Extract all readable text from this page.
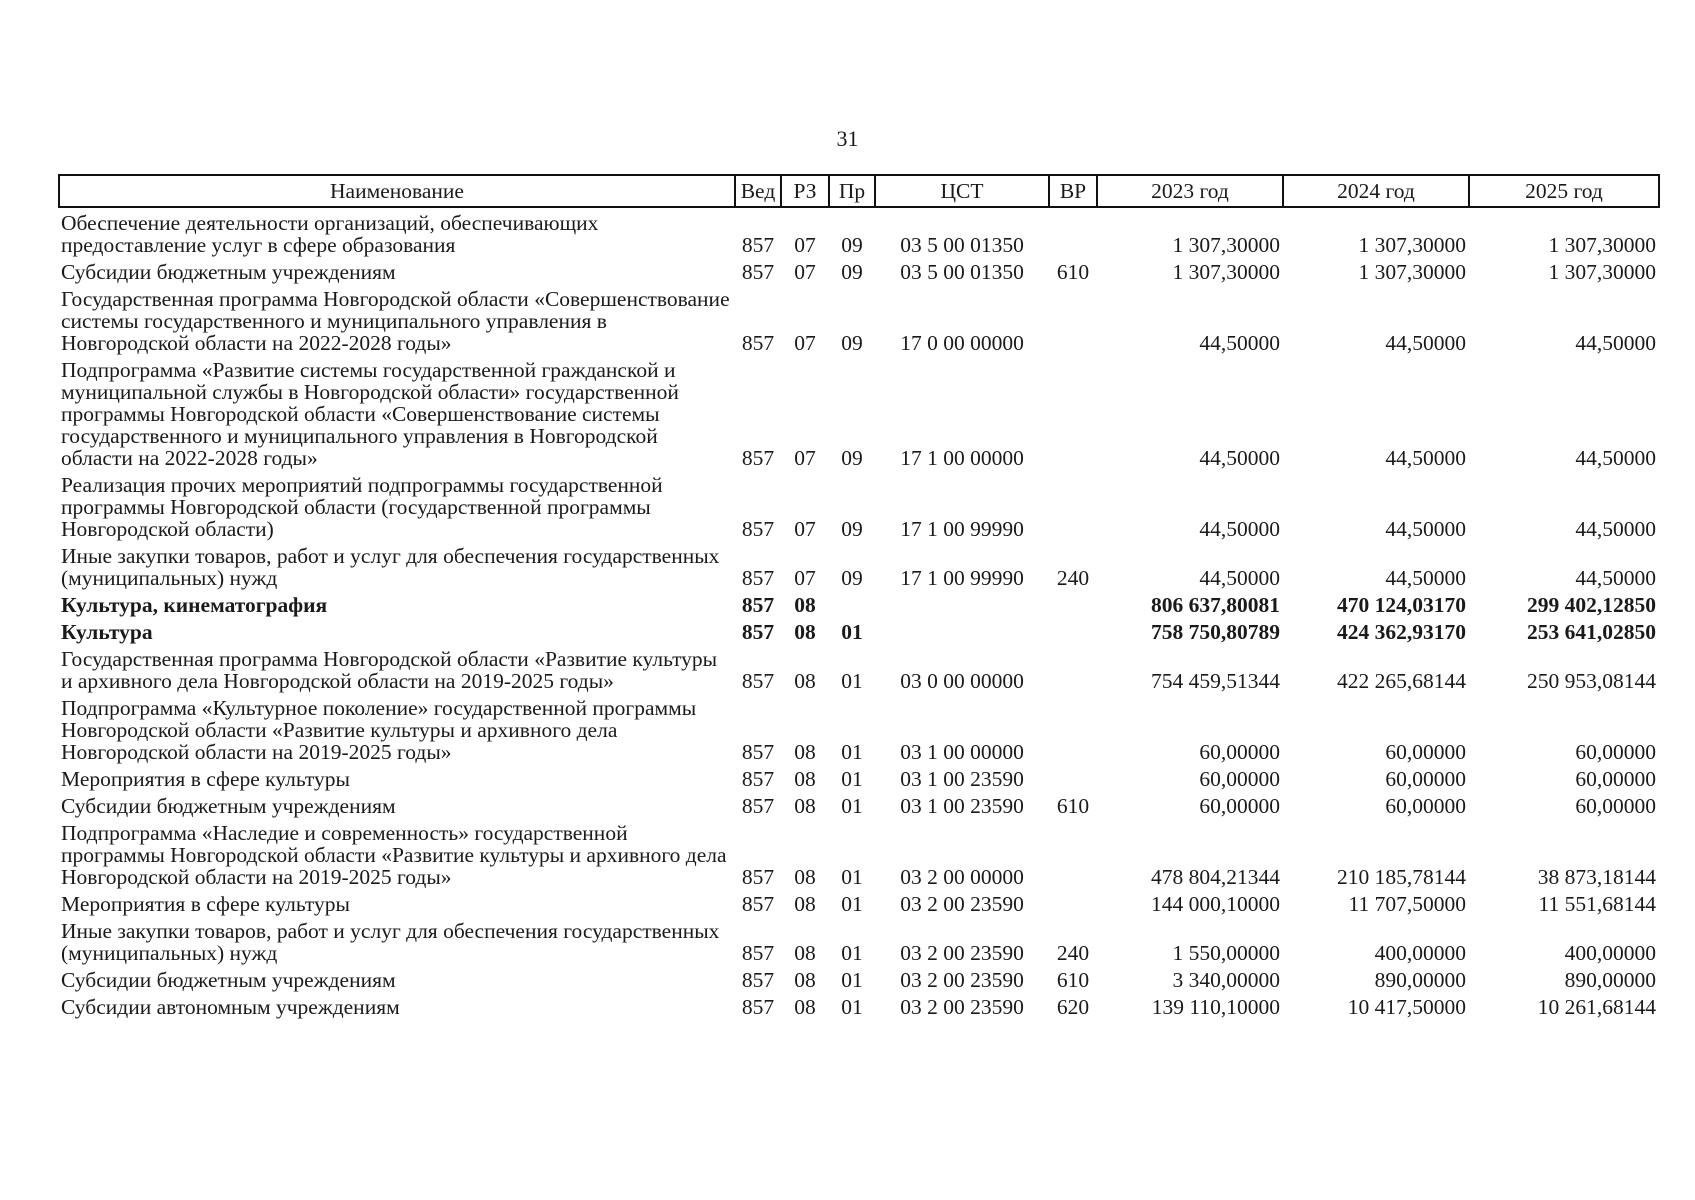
31
Наименование	Вед	РЗ	Пр	ЦСТ	ВР	2023 год	2024 год	2025 год
Обеспечение деятельности организаций, обеспечивающих предоставление услуг в сфере образования	857	07	09	03 5 00 01350		1 307,30000	1 307,30000	1 307,30000
Субсидии бюджетным учреждениям	857	07	09	03 5 00 01350	610	1 307,30000	1 307,30000	1 307,30000
Государственная программа Новгородской области «Совершенствование системы государственного и муниципального управления в Новгородской области на 2022-2028 годы»	857	07	09	17 0 00 00000		44,50000	44,50000	44,50000
Подпрограмма «Развитие системы государственной гражданской и муниципальной службы в Новгородской области» государственной программы Новгородской области «Совершенствование системы государственного и муниципального управления в Новгородской области на 2022-2028 годы»	857	07	09	17 1 00 00000		44,50000	44,50000	44,50000
Реализация прочих мероприятий подпрограммы государственной программы Новгородской области (государственной программы Новгородской области)	857	07	09	17 1 00 99990		44,50000	44,50000	44,50000
Иные закупки товаров, работ и услуг для обеспечения государственных (муниципальных) нужд	857	07	09	17 1 00 99990	240	44,50000	44,50000	44,50000
Культура, кинематография	857	08				806 637,80081	470 124,03170	299 402,12850
Культура	857	08	01			758 750,80789	424 362,93170	253 641,02850
Государственная программа Новгородской области «Развитие культуры и архивного дела Новгородской области на 2019-2025 годы»	857	08	01	03 0 00 00000		754 459,51344	422 265,68144	250 953,08144
Подпрограмма «Культурное поколение» государственной программы Новгородской области «Развитие культуры и архивного дела Новгородской области на 2019-2025 годы»	857	08	01	03 1 00 00000		60,00000	60,00000	60,00000
Мероприятия в сфере культуры	857	08	01	03 1 00 23590		60,00000	60,00000	60,00000
Субсидии бюджетным учреждениям	857	08	01	03 1 00 23590	610	60,00000	60,00000	60,00000
Подпрограмма «Наследие и современность» государственной программы Новгородской области «Развитие культуры и архивного дела Новгородской области на 2019-2025 годы»	857	08	01	03 2 00 00000		478 804,21344	210 185,78144	38 873,18144
Мероприятия в сфере культуры	857	08	01	03 2 00 23590		144 000,10000	11 707,50000	11 551,68144
Иные закупки товаров, работ и услуг для обеспечения государственных (муниципальных) нужд	857	08	01	03 2 00 23590	240	1 550,00000	400,00000	400,00000
Субсидии бюджетным учреждениям	857	08	01	03 2 00 23590	610	3 340,00000	890,00000	890,00000
Субсидии автономным учреждениям	857	08	01	03 2 00 23590	620	139 110,10000	10 417,50000	10 261,68144
